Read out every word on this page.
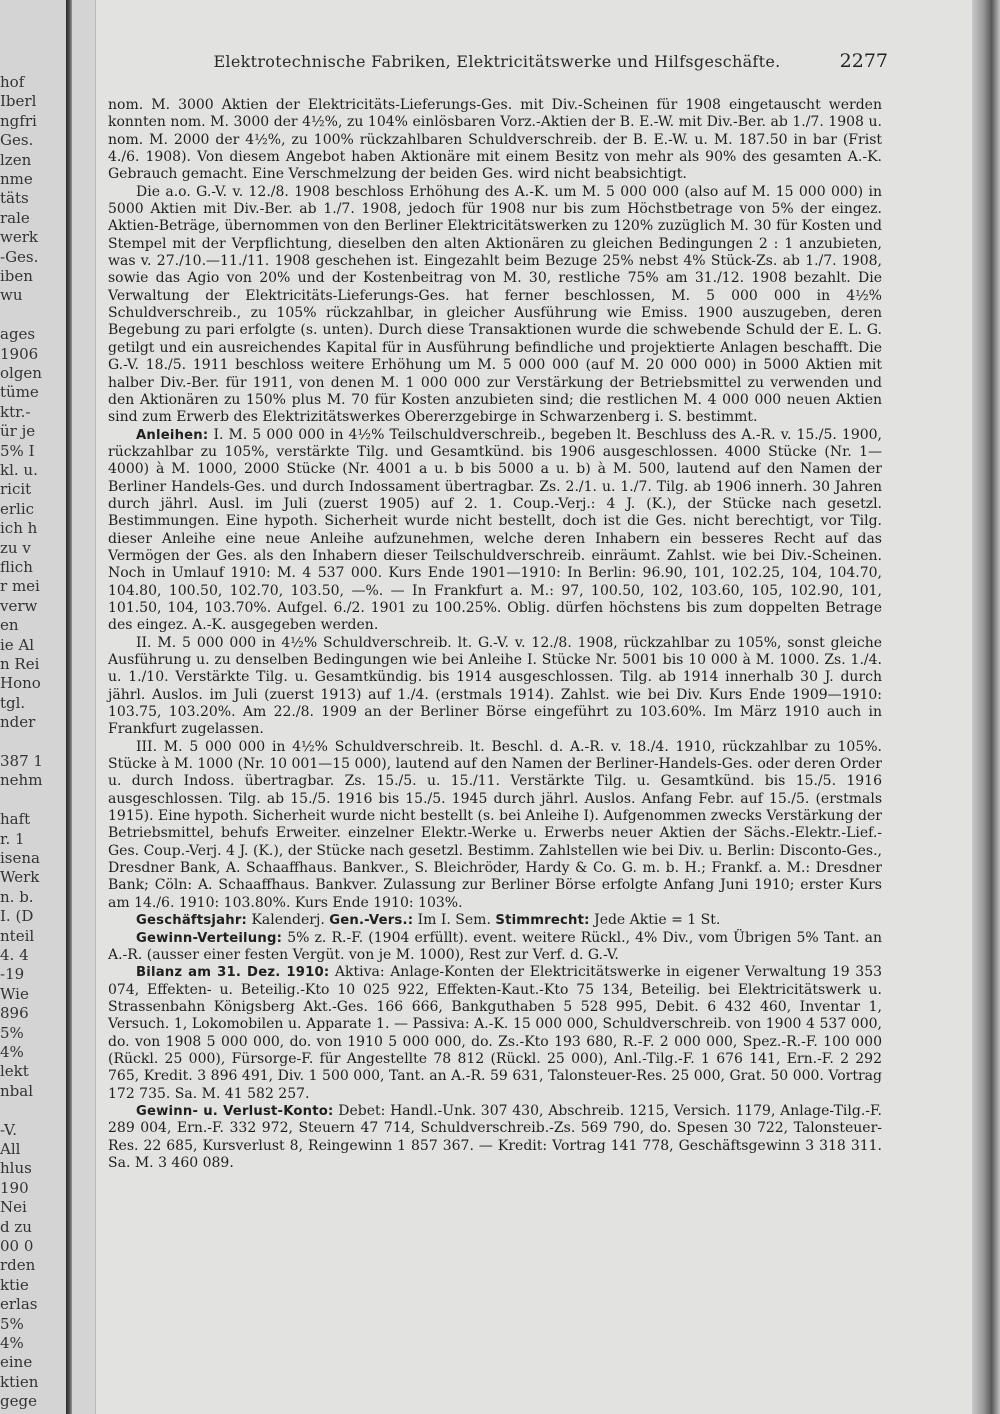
hof
Iberl
ngfri
Ges.
lzen
nme
täts
rale
werk
-Ges.
iben
wu
ages
1906
olgen
tüme
ktr.-
ür je
5% I
kl. u.
ricit
erlic
ich h
zu v
flich
r mei
verw
en
ie Al
n Rei
Hono
tgl.
nder
387 1
nehm
haft
r. 1
isena
Werk
n. b.
I. (D
nteil
4. 4
-19
Wie
896
5%
4%
lekt
nbal
-V.
All
hlus
190
Nei
d zu
00 0
rden
ktie
erlas
5%
4%
eine
ktien
gege
Elektrotechnische Fabriken, Elektricitätswerke und Hilfsgeschäfte.	2277

nom. M. 3000 Aktien der Elektricitäts-Lieferungs-Ges. mit Div.-Scheinen für 1908 eingetauscht werden konnten nom. M. 3000 der 4½%, zu 104% einlösbaren Vorz.-Aktien der B. E.-W. mit Div.-Ber. ab 1./7. 1908 u. nom. M. 2000 der 4½%, zu 100% rückzahlbaren Schuldverschreib. der B. E.-W. u. M. 187.50 in bar (Frist 4./6. 1908). Von diesem Angebot haben Aktionäre mit einem Besitz von mehr als 90% des gesamten A.-K. Gebrauch gemacht. Eine Verschmelzung der beiden Ges. wird nicht beabsichtigt.

Die a.o. G.-V. v. 12./8. 1908 beschloss Erhöhung des A.-K. um M. 5 000 000 (also auf M. 15 000 000) in 5000 Aktien mit Div.-Ber. ab 1./7. 1908, jedoch für 1908 nur bis zum Höchstbetrage von 5% der eingez. Aktien-Beträge, übernommen von den Berliner Elektricitätswerken zu 120% zuzüglich M. 30 für Kosten und Stempel mit der Verpflichtung, dieselben den alten Aktionären zu gleichen Bedingungen 2 : 1 anzubieten, was v. 27./10.—11./11. 1908 geschehen ist. Eingezahlt beim Bezuge 25% nebst 4% Stück-Zs. ab 1./7. 1908, sowie das Agio von 20% und der Kostenbeitrag von M. 30, restliche 75% am 31./12. 1908 bezahlt. Die Verwaltung der Elektricitäts-Lieferungs-Ges. hat ferner beschlossen, M. 5 000 000 in 4½% Schuldverschreib., zu 105% rückzahlbar, in gleicher Ausführung wie Emiss. 1900 auszugeben, deren Begebung zu pari erfolgte (s. unten). Durch diese Transaktionen wurde die schwebende Schuld der E. L. G. getilgt und ein ausreichendes Kapital für in Ausführung befindliche und projektierte Anlagen beschafft. Die G.-V. 18./5. 1911 beschloss weitere Erhöhung um M. 5 000 000 (auf M. 20 000 000) in 5000 Aktien mit halber Div.-Ber. für 1911, von denen M. 1 000 000 zur Verstärkung der Betriebsmittel zu verwenden und den Aktionären zu 150% plus M. 70 für Kosten anzubieten sind; die restlichen M. 4 000 000 neuen Aktien sind zum Erwerb des Elektrizitätswerkes Obererzgebirge in Schwarzenberg i. S. bestimmt.

Anleihen: I. M. 5 000 000 in 4½% Teilschuldverschreib., begeben lt. Beschluss des A.-R. v. 15./5. 1900, rückzahlbar zu 105%, verstärkte Tilg. und Gesamtkünd. bis 1906 ausgeschlossen. 4000 Stücke (Nr. 1—4000) à M. 1000, 2000 Stücke (Nr. 4001 a u. b bis 5000 a u. b) à M. 500, lautend auf den Namen der Berliner Handels-Ges. und durch Indossament übertragbar. Zs. 2./1. u. 1./7. Tilg. ab 1906 innerh. 30 Jahren durch jährl. Ausl. im Juli (zuerst 1905) auf 2. 1. Coup.-Verj.: 4 J. (K.), der Stücke nach gesetzl. Bestimmungen. Eine hypoth. Sicherheit wurde nicht bestellt, doch ist die Ges. nicht berechtigt, vor Tilg. dieser Anleihe eine neue Anleihe aufzunehmen, welche deren Inhabern ein besseres Recht auf das Vermögen der Ges. als den Inhabern dieser Teilschuldverschreib. einräumt. Zahlst. wie bei Div.-Scheinen. Noch in Umlauf 1910: M. 4 537 000. Kurs Ende 1901—1910: In Berlin: 96.90, 101, 102.25, 104, 104.70, 104.80, 100.50, 102.70, 103.50, —%. — In Frankfurt a. M.: 97, 100.50, 102, 103.60, 105, 102.90, 101, 101.50, 104, 103.70%. Aufgel. 6./2. 1901 zu 100.25%. Oblig. dürfen höchstens bis zum doppelten Betrage des eingez. A.-K. ausgegeben werden.

II. M. 5 000 000 in 4½% Schuldverschreib. lt. G.-V. v. 12./8. 1908, rückzahlbar zu 105%, sonst gleiche Ausführung u. zu denselben Bedingungen wie bei Anleihe I. Stücke Nr. 5001 bis 10 000 à M. 1000. Zs. 1./4. u. 1./10. Verstärkte Tilg. u. Gesamtkündig. bis 1914 ausgeschlossen. Tilg. ab 1914 innerhalb 30 J. durch jährl. Auslos. im Juli (zuerst 1913) auf 1./4. (erstmals 1914). Zahlst. wie bei Div. Kurs Ende 1909—1910: 103.75, 103.20%. Am 22./8. 1909 an der Berliner Börse eingeführt zu 103.60%. Im März 1910 auch in Frankfurt zugelassen.

III. M. 5 000 000 in 4½% Schuldverschreib. lt. Beschl. d. A.-R. v. 18./4. 1910, rückzahlbar zu 105%. Stücke à M. 1000 (Nr. 10 001—15 000), lautend auf den Namen der Berliner-Handels-Ges. oder deren Order u. durch Indoss. übertragbar. Zs. 15./5. u. 15./11. Verstärkte Tilg. u. Gesamtkünd. bis 15./5. 1916 ausgeschlossen. Tilg. ab 15./5. 1916 bis 15./5. 1945 durch jährl. Auslos. Anfang Febr. auf 15./5. (erstmals 1915). Eine hypoth. Sicherheit wurde nicht bestellt (s. bei Anleihe I). Aufgenommen zwecks Verstärkung der Betriebsmittel, behufs Erweiter. einzelner Elektr.-Werke u. Erwerbs neuer Aktien der Sächs.-Elektr.-Lief.-Ges. Coup.-Verj. 4 J. (K.), der Stücke nach gesetzl. Bestimm. Zahlstellen wie bei Div. u. Berlin: Disconto-Ges., Dresdner Bank, A. Schaaffhaus. Bankver., S. Bleichröder, Hardy & Co. G. m. b. H.; Frankf. a. M.: Dresdner Bank; Cöln: A. Schaaffhaus. Bankver. Zulassung zur Berliner Börse erfolgte Anfang Juni 1910; erster Kurs am 14./6. 1910: 103.80%. Kurs Ende 1910: 103%.

Geschäftsjahr: Kalenderj. Gen.-Vers.: Im I. Sem. Stimmrecht: Jede Aktie = 1 St.

Gewinn-Verteilung: 5% z. R.-F. (1904 erfüllt). event. weitere Rückl., 4% Div., vom Übrigen 5% Tant. an A.-R. (ausser einer festen Vergüt. von je M. 1000), Rest zur Verf. d. G.-V.

Bilanz am 31. Dez. 1910: Aktiva: Anlage-Konten der Elektricitätswerke in eigener Verwaltung 19 353 074, Effekten- u. Beteilig.-Kto 10 025 922, Effekten-Kaut.-Kto 75 134, Beteilig. bei Elektricitätswerk u. Strassenbahn Königsberg Akt.-Ges. 166 666, Bankguthaben 5 528 995, Debit. 6 432 460, Inventar 1, Versuch. 1, Lokomobilen u. Apparate 1. — Passiva: A.-K. 15 000 000, Schuldverschreib. von 1900 4 537 000, do. von 1908 5 000 000, do. von 1910 5 000 000, do. Zs.-Kto 193 680, R.-F. 2 000 000, Spez.-R.-F. 100 000 (Rückl. 25 000), Fürsorge-F. für Angestellte 78 812 (Rückl. 25 000), Anl.-Tilg.-F. 1 676 141, Ern.-F. 2 292 765, Kredit. 3 896 491, Div. 1 500 000, Tant. an A.-R. 59 631, Talonsteuer-Res. 25 000, Grat. 50 000. Vortrag 172 735. Sa. M. 41 582 257.

Gewinn- u. Verlust-Konto: Debet: Handl.-Unk. 307 430, Abschreib. 1215, Versich. 1179, Anlage-Tilg.-F. 289 004, Ern.-F. 332 972, Steuern 47 714, Schuldverschreib.-Zs. 569 790, do. Spesen 30 722, Talonsteuer-Res. 22 685, Kursverlust 8, Reingewinn 1 857 367. — Kredit: Vortrag 141 778, Geschäftsgewinn 3 318 311. Sa. M. 3 460 089.
